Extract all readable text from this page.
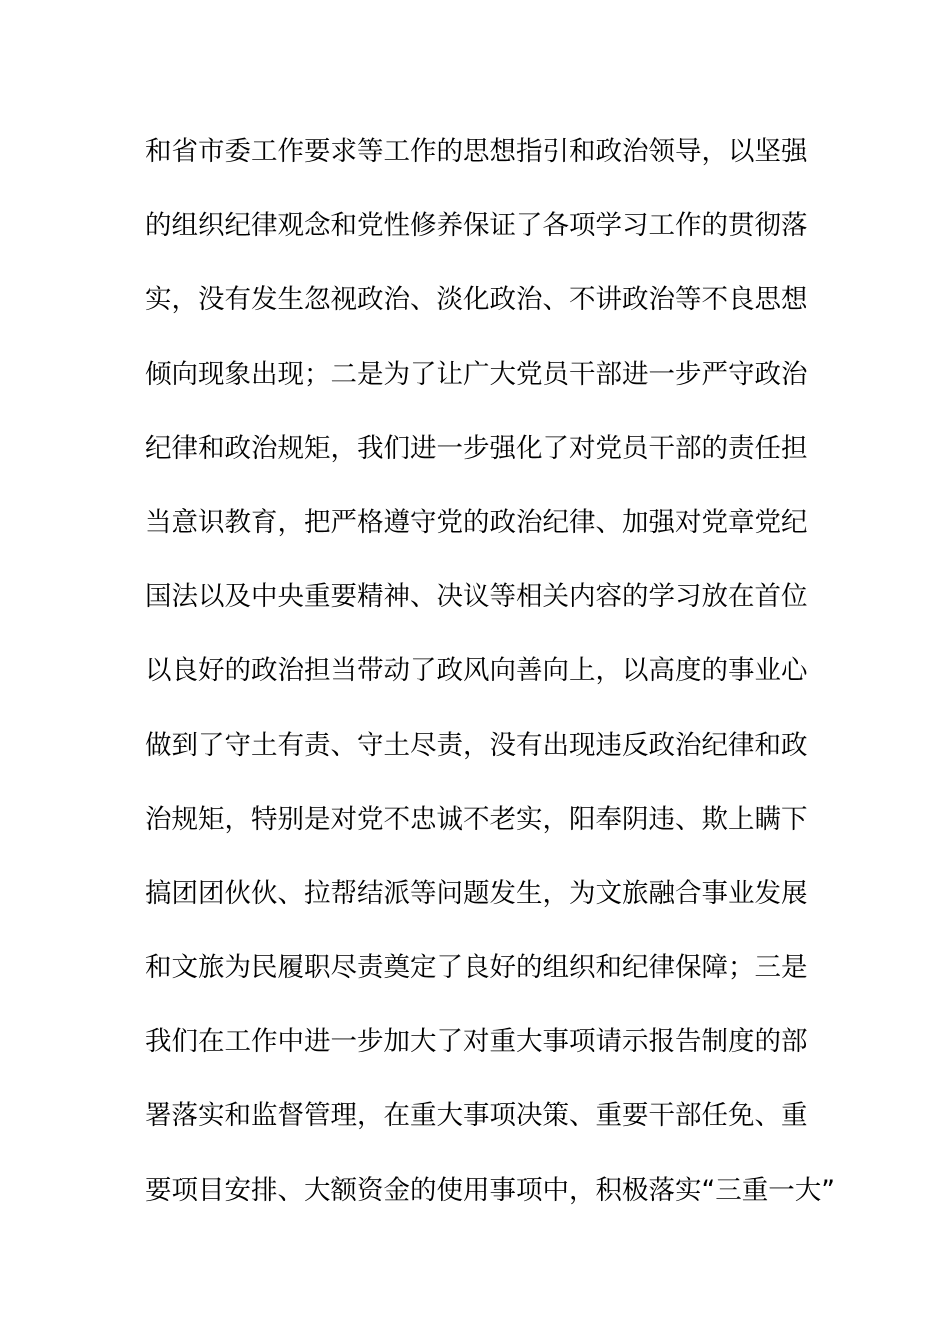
和省市委工作要求等工作的思想指引和政治领导，以坚强
的组织纪律观念和党性修养保证了各项学习工作的贯彻落
实，没有发生忽视政治、淡化政治、不讲政治等不良思想
倾向现象出现；二是为了让广大党员干部进一步严守政治
纪律和政治规矩，我们进一步强化了对党员干部的责任担
当意识教育，把严格遵守党的政治纪律、加强对党章党纪
国法以及中央重要精神、决议等相关内容的学习放在首位
以良好的政治担当带动了政风向善向上，以高度的事业心
做到了守土有责、守土尽责，没有出现违反政治纪律和政
治规矩，特别是对党不忠诚不老实，阳奉阴违、欺上瞒下
搞团团伙伙、拉帮结派等问题发生，为文旅融合事业发展
和文旅为民履职尽责奠定了良好的组织和纪律保障；三是
我们在工作中进一步加大了对重大事项请示报告制度的部
署落实和监督管理，在重大事项决策、重要干部任免、重
要项目安排、大额资金的使用事项中，积极落实“三重一大”
